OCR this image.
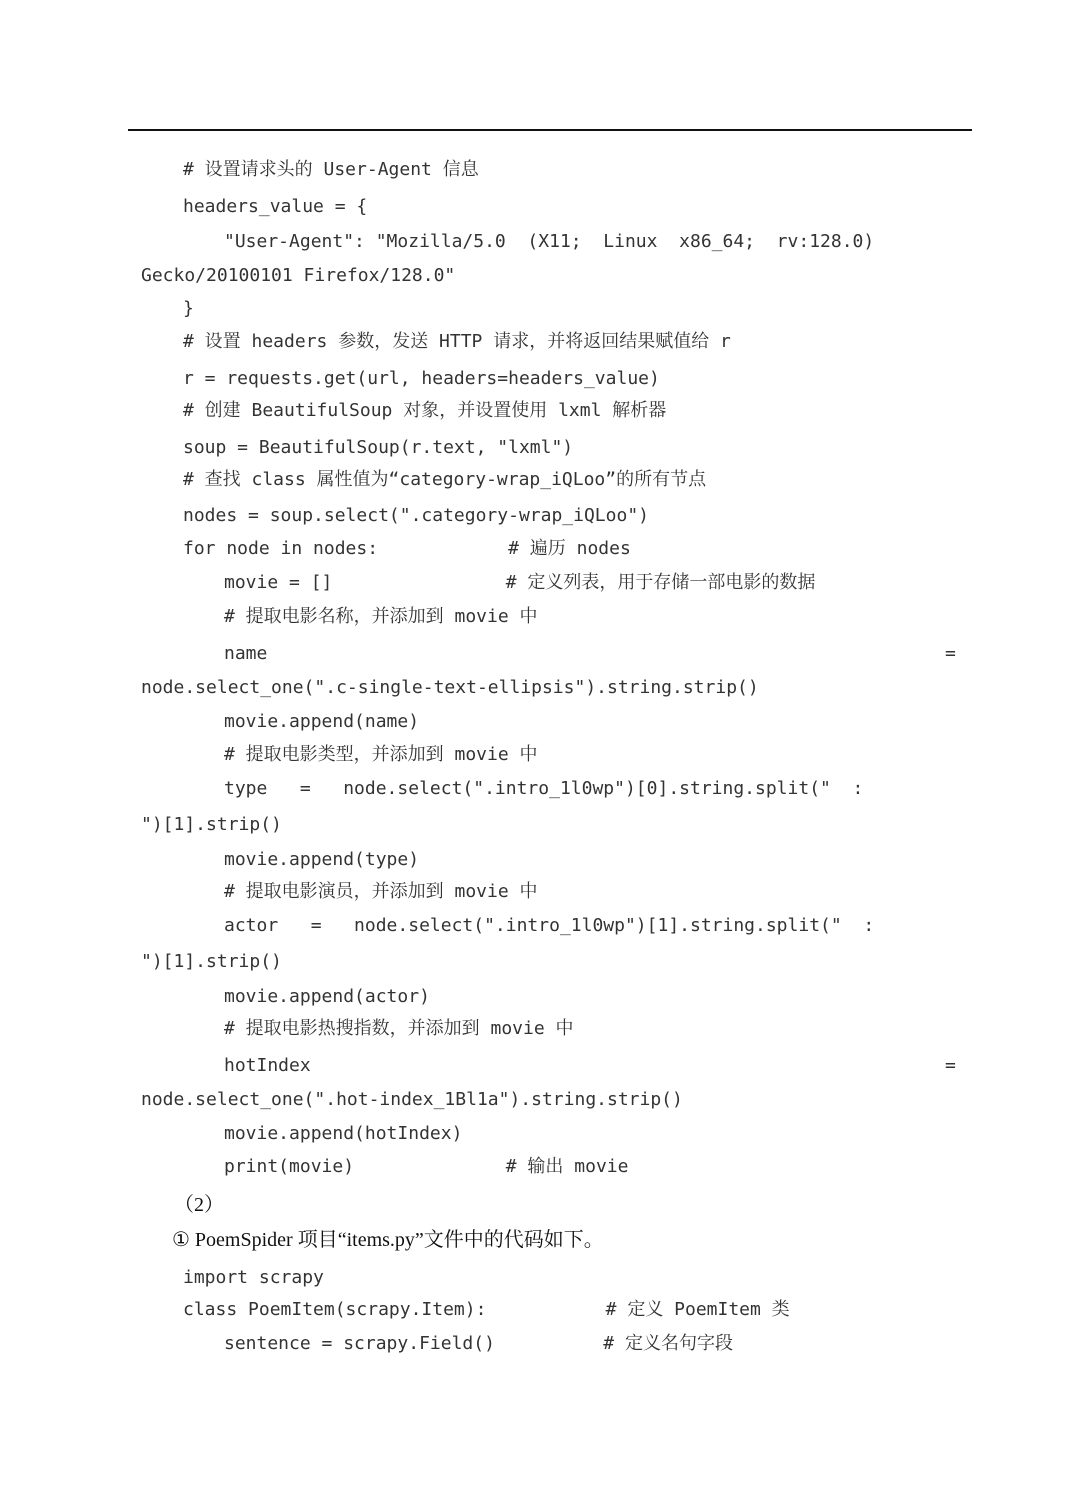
# 设置请求头的 User-Agent 信息
headers_value = {
"User-Agent": "Mozilla/5.0  (X11;  Linux  x86_64;  rv:128.0)
Gecko/20100101 Firefox/128.0"
}
# 设置 headers 参数，发送 HTTP 请求，并将返回结果赋值给 r
r = requests.get(url, headers=headers_value)
# 创建 BeautifulSoup 对象，并设置使用 lxml 解析器
soup = BeautifulSoup(r.text, "lxml")
# 查找 class 属性值为“category-wrap_iQLoo”的所有节点
nodes = soup.select(".category-wrap_iQLoo")
for node in nodes:            # 遍历 nodes
movie = []                # 定义列表，用于存储一部电影的数据
# 提取电影名称，并添加到 movie 中
name	=
node.select_one(".c-single-text-ellipsis").string.strip()
movie.append(name)
# 提取电影类型，并添加到 movie 中
type   =   node.select(".intro_1l0wp")[0].string.split("  :
")[1].strip()
movie.append(type)
# 提取电影演员，并添加到 movie 中
actor   =   node.select(".intro_1l0wp")[1].string.split("  :
")[1].strip()
movie.append(actor)
# 提取电影热搜指数，并添加到 movie 中
hotIndex	=
node.select_one(".hot-index_1Bl1a").string.strip()
movie.append(hotIndex)
print(movie)              # 输出 movie
（2）
① PoemSpider 项目“items.py”文件中的代码如下。
import scrapy
class PoemItem(scrapy.Item):           # 定义 PoemItem 类
sentence = scrapy.Field()          # 定义名句字段
